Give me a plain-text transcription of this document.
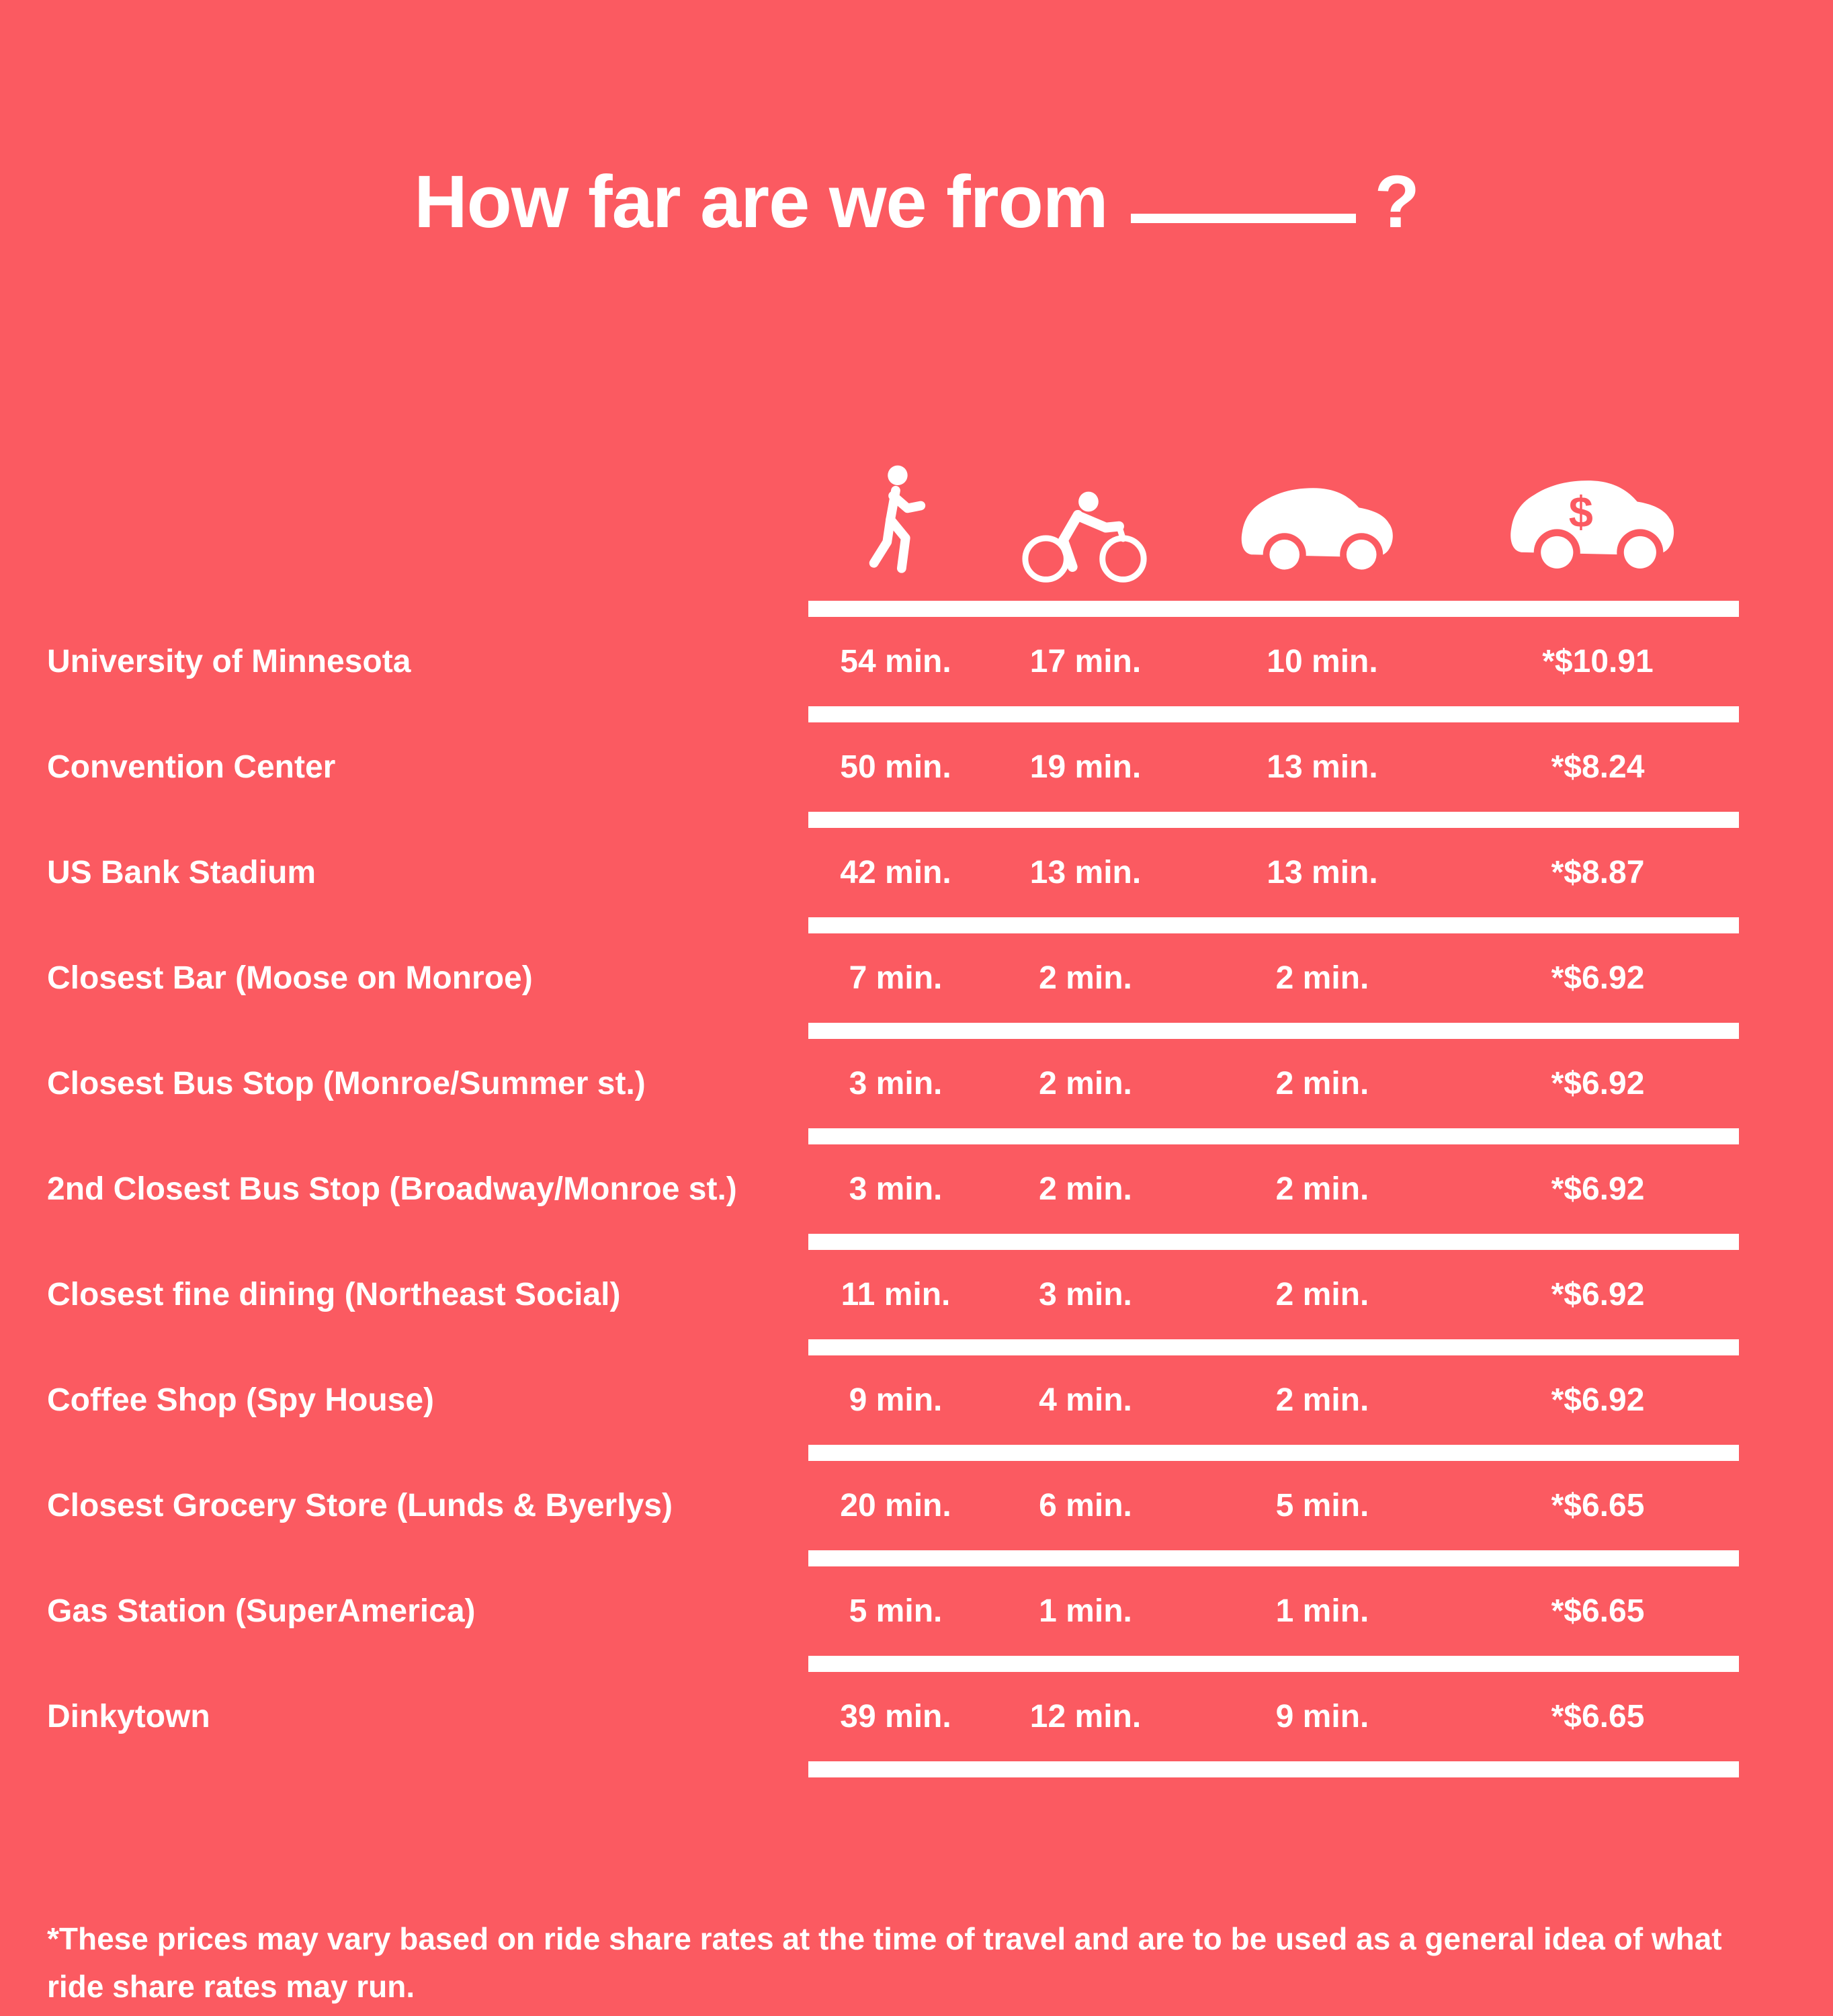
How far are we from	?
$
University of Minnesota	54 min.	17 min.	10 min.	*$10.91
Convention Center	50 min.	19 min.	13 min.	*$8.24
US Bank Stadium	42 min.	13 min.	13 min.	*$8.87
Closest Bar (Moose on Monroe)	7 min.	2 min.	2 min.	*$6.92
Closest Bus Stop (Monroe/Summer st.)	3 min.	2 min.	2 min.	*$6.92
2nd Closest Bus Stop (Broadway/Monroe st.)	3 min.	2 min.	2 min.	*$6.92
Closest fine dining (Northeast Social)	11 min.	3 min.	2 min.	*$6.92
Coffee Shop (Spy House)	9 min.	4 min.	2 min.	*$6.92
Closest Grocery Store (Lunds & Byerlys)	20 min.	6 min.	5 min.	*$6.65
Gas Station (SuperAmerica)	5 min.	1 min.	1 min.	*$6.65
Dinkytown	39 min.	12 min.	9 min.	*$6.65
*These prices may vary based on ride share rates at the time of travel and are to be used as a general idea of what ride share rates may run.
